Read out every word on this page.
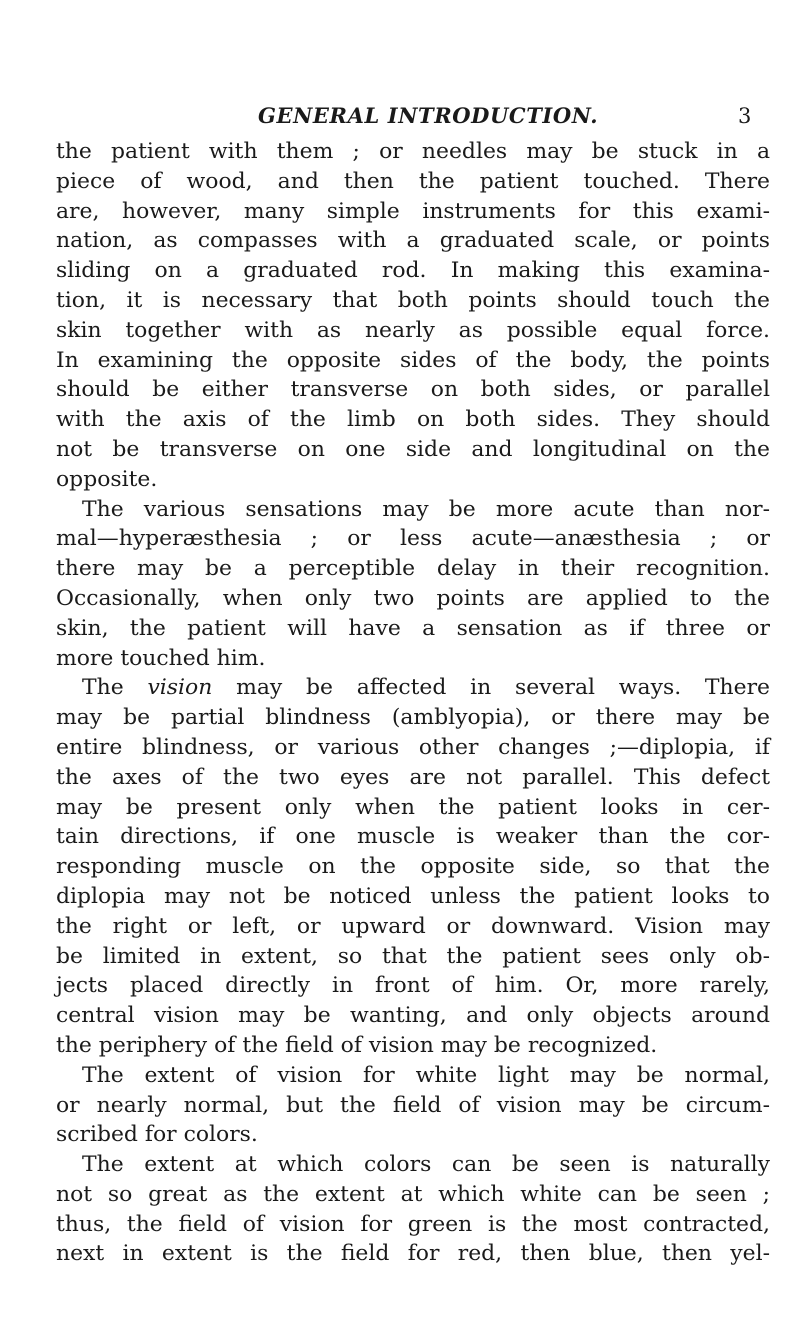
GENERAL INTRODUCTION.	3
the patient with them ; or needles may be stuck in a
piece of wood, and then the patient touched. There
are, however, many simple instruments for this exami-
nation, as compasses with a graduated scale, or points
sliding on a graduated rod. In making this examina-
tion, it is necessary that both points should touch the
skin together with as nearly as possible equal force.
In examining the opposite sides of the body, the points
should be either transverse on both sides, or parallel
with the axis of the limb on both sides. They should
not be transverse on one side and longitudinal on the
opposite.
The various sensations may be more acute than nor-
mal—hyperæsthesia ; or less acute—anæsthesia ; or
there may be a perceptible delay in their recognition.
Occasionally, when only two points are applied to the
skin, the patient will have a sensation as if three or
more touched him.
The vision may be affected in several ways. There
may be partial blindness (amblyopia), or there may be
entire blindness, or various other changes ;—diplopia, if
the axes of the two eyes are not parallel. This defect
may be present only when the patient looks in cer-
tain directions, if one muscle is weaker than the cor-
responding muscle on the opposite side, so that the
diplopia may not be noticed unless the patient looks to
the right or left, or upward or downward. Vision may
be limited in extent, so that the patient sees only ob-
jects placed directly in front of him. Or, more rarely,
central vision may be wanting, and only objects around
the periphery of the field of vision may be recognized.
The extent of vision for white light may be normal,
or nearly normal, but the field of vision may be circum-
scribed for colors.
The extent at which colors can be seen is naturally
not so great as the extent at which white can be seen ;
thus, the field of vision for green is the most contracted,
next in extent is the field for red, then blue, then yel-
